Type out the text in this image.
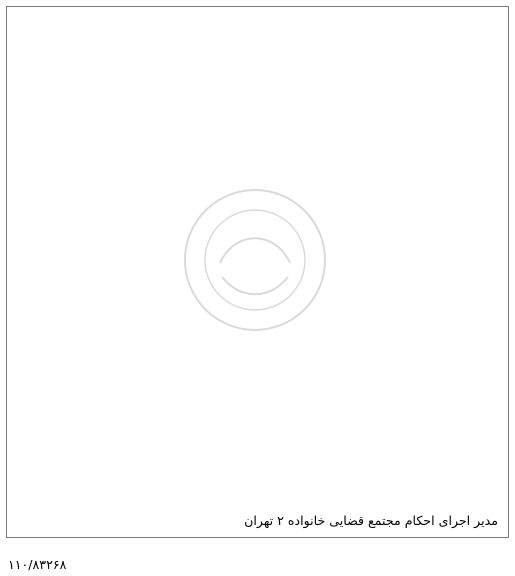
مدیر اجرای احکام مجتمع قضایی خانواده ۲ تهران
۱۱۰/۸۳۲۶۸
